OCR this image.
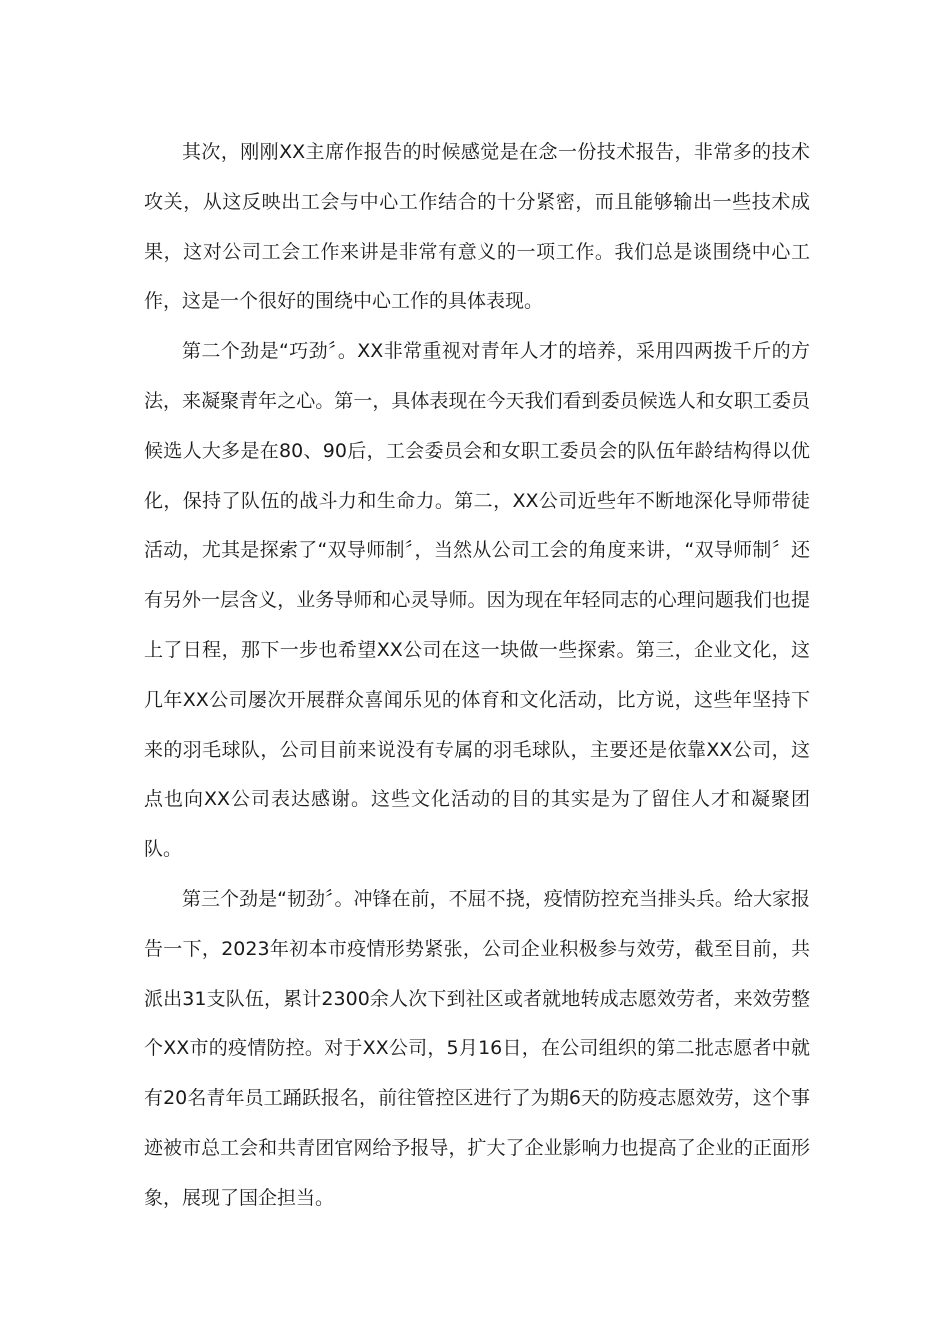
其次，刚刚XX主席作报告的时候感觉是在念一份技术报告，非常多的技术攻关，从这反映出工会与中心工作结合的十分紧密，而且能够输出一些技术成果，这对公司工会工作来讲是非常有意义的一项工作。我们总是谈围绕中心工作，这是一个很好的围绕中心工作的具体表现。

第二个劲是“巧劲〞。XX非常重视对青年人才的培养，采用四两拨千斤的方法，来凝聚青年之心。第一，具体表现在今天我们看到委员候选人和女职工委员候选人大多是在80、90后，工会委员会和女职工委员会的队伍年龄结构得以优化，保持了队伍的战斗力和生命力。第二，XX公司近些年不断地深化导师带徒活动，尤其是探索了“双导师制〞，当然从公司工会的角度来讲，“双导师制〞还有另外一层含义，业务导师和心灵导师。因为现在年轻同志的心理问题我们也提上了日程，那下一步也希望XX公司在这一块做一些探索。第三，企业文化，这几年XX公司屡次开展群众喜闻乐见的体育和文化活动，比方说，这些年坚持下来的羽毛球队，公司目前来说没有专属的羽毛球队，主要还是依靠XX公司，这点也向XX公司表达感谢。这些文化活动的目的其实是为了留住人才和凝聚团队。

第三个劲是“韧劲〞。冲锋在前，不屈不挠，疫情防控充当排头兵。给大家报告一下，2023年初本市疫情形势紧张，公司企业积极参与效劳，截至目前，共派出31支队伍，累计2300余人次下到社区或者就地转成志愿效劳者，来效劳整个XX市的疫情防控。对于XX公司，5月16日，在公司组织的第二批志愿者中就有20名青年员工踊跃报名，前往管控区进行了为期6天的防疫志愿效劳，这个事迹被市总工会和共青团官网给予报导，扩大了企业影响力也提高了企业的正面形象，展现了国企担当。
